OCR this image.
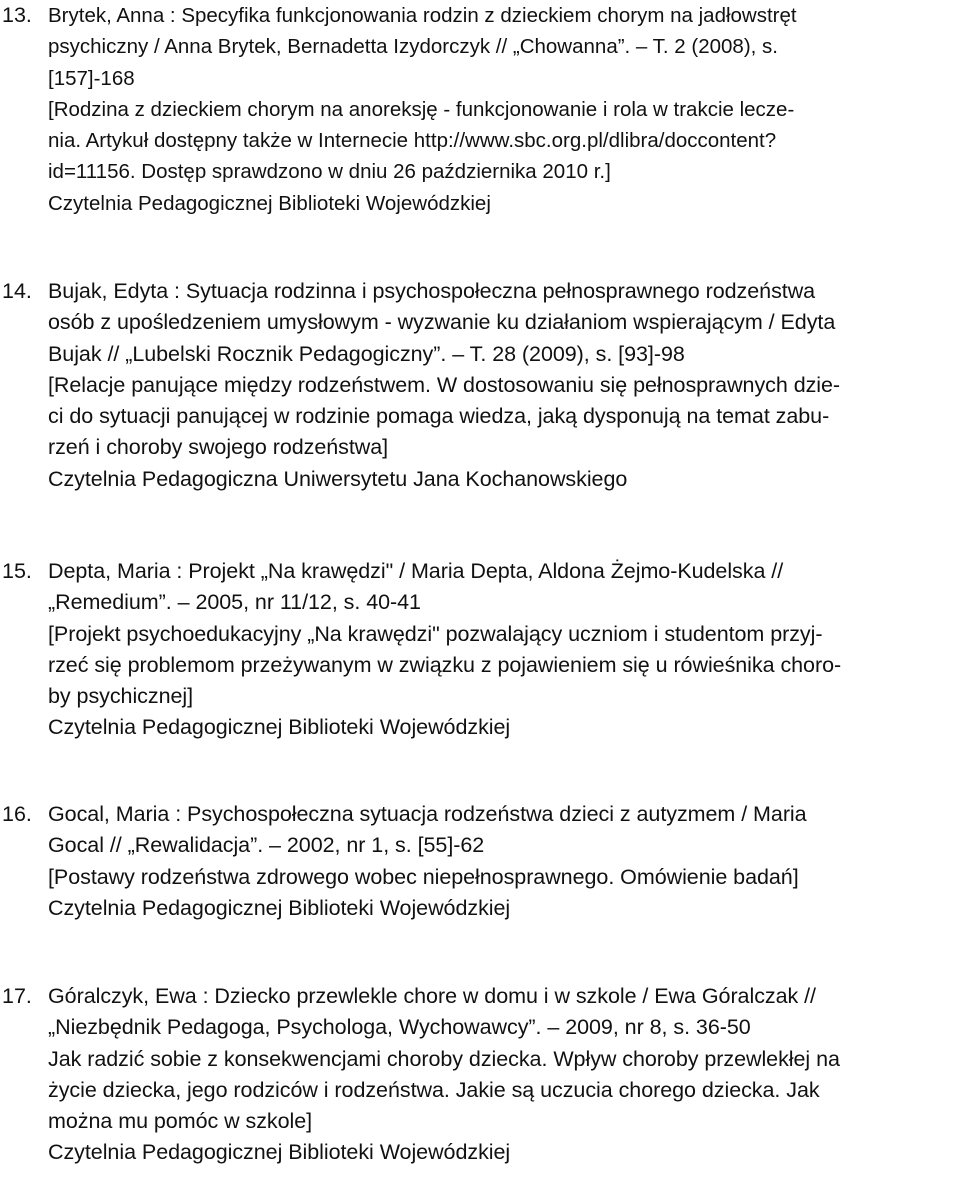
13. Brytek, Anna : Specyfika funkcjonowania rodzin z dzieckiem chorym na jadłowstręt
psychiczny / Anna Brytek, Bernadetta Izydorczyk // „Chowanna”. – T. 2 (2008), s.
[157]-168
[Rodzina z dzieckiem chorym na anoreksję - funkcjonowanie i rola w trakcie lecze-
nia. Artykuł dostępny także w Internecie http://www.sbc.org.pl/dlibra/doccontent?
id=11156. Dostęp sprawdzono w dniu 26 października 2010 r.]
Czytelnia Pedagogicznej Biblioteki Wojewódzkiej
14. Bujak, Edyta : Sytuacja rodzinna i psychospołeczna pełnosprawnego rodzeństwa
osób z upośledzeniem umysłowym - wyzwanie ku działaniom wspierającym / Edyta
Bujak // „Lubelski Rocznik Pedagogiczny”. – T. 28 (2009), s. [93]-98
[Relacje panujące między rodzeństwem. W dostosowaniu się pełnosprawnych dzie-
ci do sytuacji panującej w rodzinie pomaga wiedza, jaką dysponują na temat zabu-
rzeń i choroby swojego rodzeństwa]
Czytelnia Pedagogiczna Uniwersytetu Jana Kochanowskiego
15. Depta, Maria : Projekt „Na krawędzi" / Maria Depta, Aldona Żejmo-Kudelska //
„Remedium”. – 2005, nr 11/12, s. 40-41
[Projekt psychoedukacyjny „Na krawędzi" pozwalający uczniom i studentom przyj-
rzeć się problemom przeżywanym w związku z pojawieniem się u rówieśnika choro-
by psychicznej]
Czytelnia Pedagogicznej Biblioteki Wojewódzkiej
16. Gocal, Maria : Psychospołeczna sytuacja rodzeństwa dzieci z autyzmem / Maria
Gocal // „Rewalidacja”. – 2002, nr 1, s. [55]-62
[Postawy rodzeństwa zdrowego wobec niepełnosprawnego. Omówienie badań]
Czytelnia Pedagogicznej Biblioteki Wojewódzkiej
17. Góralczyk, Ewa : Dziecko przewlekle chore w domu i w szkole / Ewa Góralczak //
„Niezbędnik Pedagoga, Psychologa, Wychowawcy”. – 2009, nr 8, s. 36-50
Jak radzić sobie z konsekwencjami choroby dziecka. Wpływ choroby przewlekłej na
życie dziecka, jego rodziców i rodzeństwa. Jakie są uczucia chorego dziecka. Jak
można mu pomóc w szkole]
Czytelnia Pedagogicznej Biblioteki Wojewódzkiej
